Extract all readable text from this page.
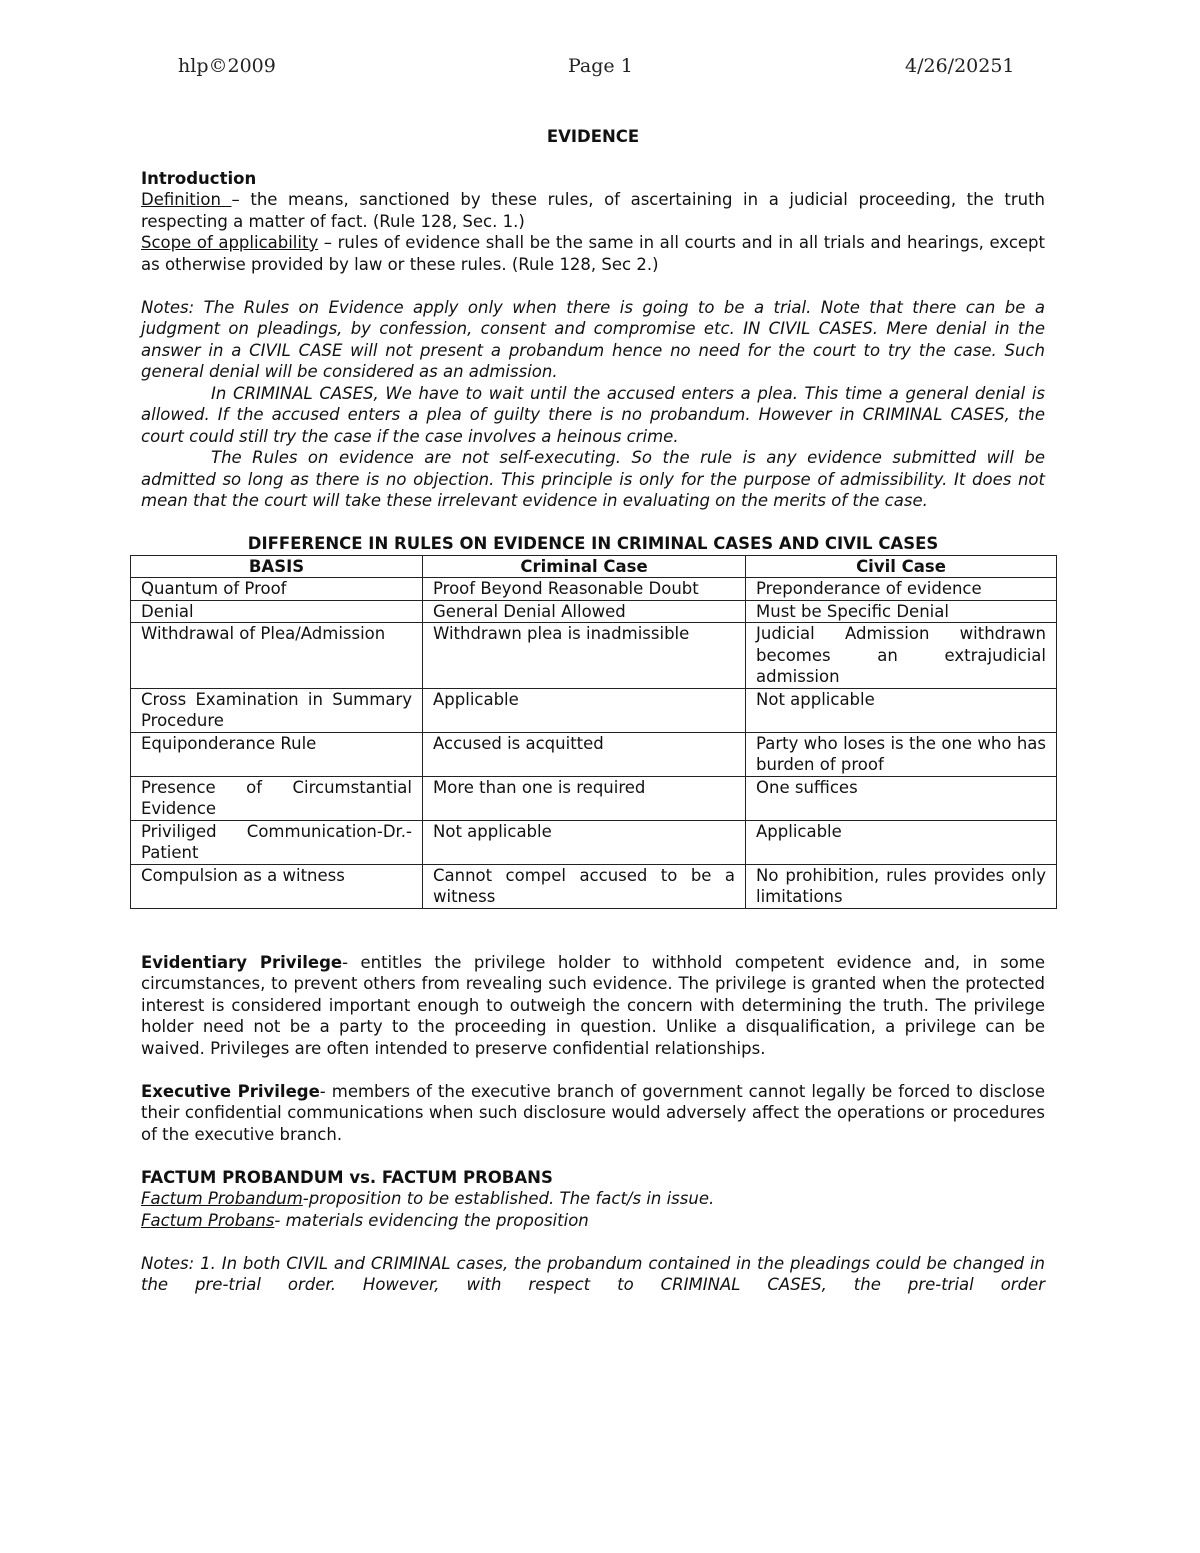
hlp©2009	Page 1	4/26/20251

EVIDENCE

Introduction

Definition – the means, sanctioned by these rules, of ascertaining in a judicial proceeding, the truth respecting a matter of fact. (Rule 128, Sec. 1.)

Scope of applicability – rules of evidence shall be the same in all courts and in all trials and hearings, except as otherwise provided by law or these rules. (Rule 128, Sec 2.)

Notes: The Rules on Evidence apply only when there is going to be a trial. Note that there can be a judgment on pleadings, by confession, consent and compromise etc. IN CIVIL CASES. Mere denial in the answer in a CIVIL CASE will not present a probandum hence no need for the court to try the case. Such general denial will be considered as an admission.

In CRIMINAL CASES, We have to wait until the accused enters a plea. This time a general denial is allowed. If the accused enters a plea of guilty there is no probandum. However in CRIMINAL CASES, the court could still try the case if the case involves a heinous crime.

The Rules on evidence are not self-executing. So the rule is any evidence submitted will be admitted so long as there is no objection. This principle is only for the purpose of admissibility. It does not mean that the court will take these irrelevant evidence in evaluating on the merits of the case.

DIFFERENCE IN RULES ON EVIDENCE IN CRIMINAL CASES AND CIVIL CASES

BASIS	Criminal Case	Civil Case
Quantum of Proof	Proof Beyond Reasonable Doubt	Preponderance of evidence
Denial	General Denial Allowed	Must be Specific Denial
Withdrawal of Plea/Admission	Withdrawn plea is inadmissible	Judicial Admission withdrawn becomes an extrajudicial admission
Cross Examination in Summary Procedure	Applicable	Not applicable
Equiponderance Rule	Accused is acquitted	Party who loses is the one who has burden of proof
Presence of Circumstantial Evidence	More than one is required	One suffices
Priviliged Communication-Dr.-Patient	Not applicable	Applicable
Compulsion as a witness	Cannot compel accused to be a witness	No prohibition, rules provides only limitations

Evidentiary Privilege- entitles the privilege holder to withhold competent evidence and, in some circumstances, to prevent others from revealing such evidence. The privilege is granted when the protected interest is considered important enough to outweigh the concern with determining the truth. The privilege holder need not be a party to the proceeding in question. Unlike a disqualification, a privilege can be waived. Privileges are often intended to preserve confidential relationships.

Executive Privilege- members of the executive branch of government cannot legally be forced to disclose their confidential communications when such disclosure would adversely affect the operations or procedures of the executive branch.

FACTUM PROBANDUM vs. FACTUM PROBANS

Factum Probandum-proposition to be established. The fact/s in issue.

Factum Probans- materials evidencing the proposition

Notes: 1. In both CIVIL and CRIMINAL cases, the probandum contained in the pleadings could be changed in the pre-trial order. However, with respect to CRIMINAL CASES, the pre-trial order
